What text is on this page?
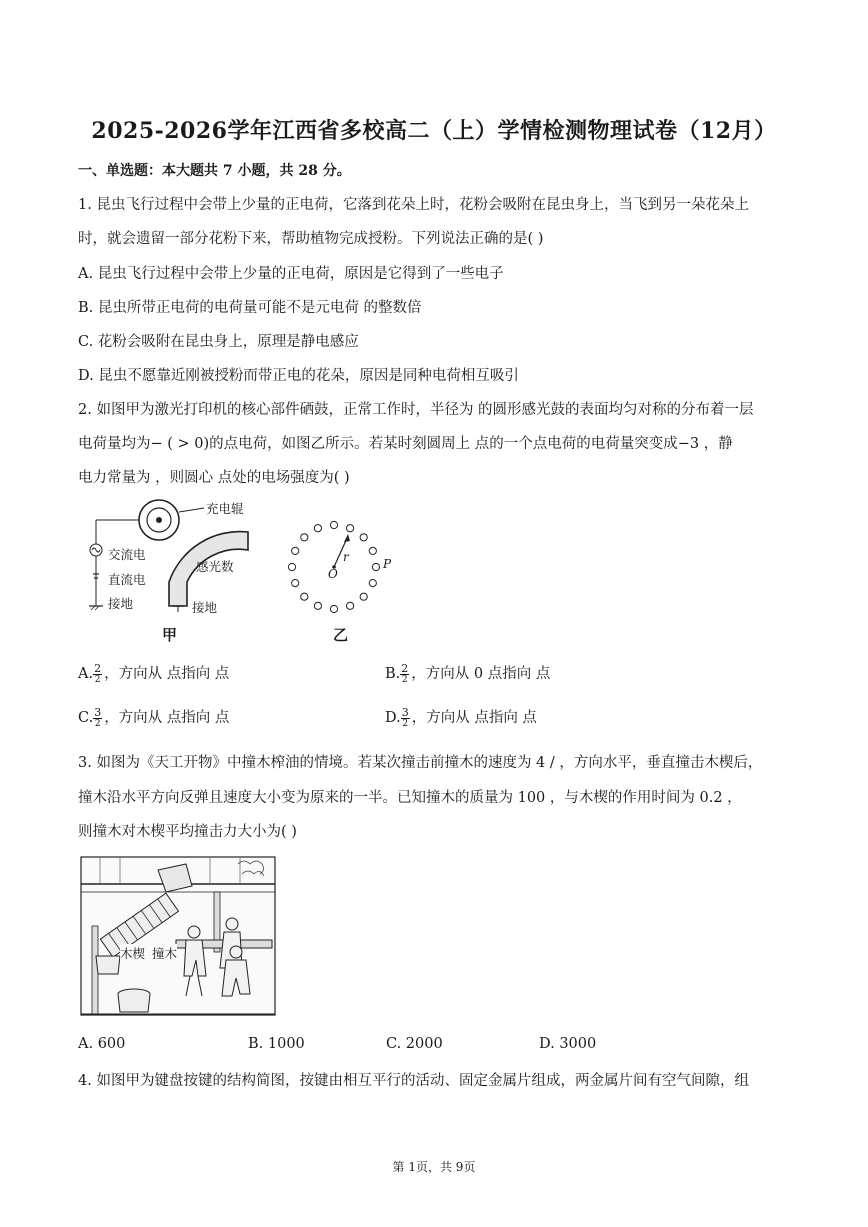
2025-2026学年江西省多校高二（上）学情检测物理试卷（12月）
一、单选题：本大题共 7 小题，共 28 分。
1. 昆虫飞行过程中会带上少量的正电荷，它落到花朵上时，花粉会吸附在昆虫身上，当飞到另一朵花朵上
时，就会遗留一部分花粉下来，帮助植物完成授粉。下列说法正确的是( )
A. 昆虫飞行过程中会带上少量的正电荷，原因是它得到了一些电子
B. 昆虫所带正电荷的电荷量可能不是元电荷 的整数倍
C. 花粉会吸附在昆虫身上，原理是静电感应
D. 昆虫不愿靠近刚被授粉而带正电的花朵，原因是同种电荷相互吸引
2. 如图甲为激光打印机的核心部件硒鼓，正常工作时，半径为 的圆形感光鼓的表面均匀对称的分布着一层
电荷量均为− ( > 0)的点电荷，如图乙所示。若某时刻圆周上 点的一个点电荷的电荷量突变成−3 ，静
电力常量为 ，则圆心 点处的电场强度为( )
充电辊
交流电
直流电
接地
感光数
接地
甲
r
O
P
乙
A. $\frac{2}{2}$ ，方向从 点指向 点	B. $\frac{2}{2}$ ，方向从 0 点指向 点
C. $\frac{3}{2}$ ，方向从 点指向 点	D. $\frac{3}{2}$ ，方向从 点指向 点
3. 如图为《天工开物》中撞木榨油的情境。若某次撞击前撞木的速度为 4 / ，方向水平，垂直撞击木楔后，
撞木沿水平方向反弹且速度大小变为原来的一半。已知撞木的质量为 100 ，与木楔的作用时间为 0.2 ，
则撞木对木楔平均撞击力大小为( )
木楔 撞木
A. 600	B. 1000	C. 2000	D. 3000
4. 如图甲为键盘按键的结构简图，按键由相互平行的活动、固定金属片组成，两金属片间有空气间隙，组
第 1页，共 9页
